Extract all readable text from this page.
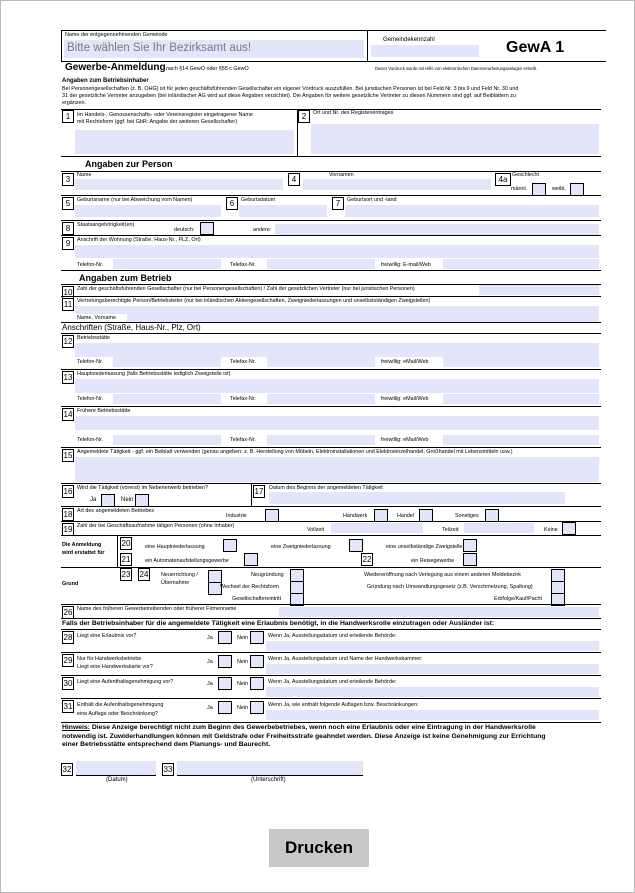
Name der entgegennehmenden Gemeinde
Bitte wählen Sie Ihr Bezirksamt aus!
Gemeindekennzahl	GewA 1
Gewerbe-Anmeldung nach §14 GewO oder §55 c GewO	Dieser Vordruck wurde mit Hilfe von elektronischen Datenverarbeitungsanlagen erstellt.
Angaben zum Betriebsinhaber
Bei Personengesellschaften (z. B. OHG) ist für jeden geschäftsführenden Gesellschafter ein eigener Vordruck auszufüllen. Bei juristischen Personen ist bei Feld Nr. 3 bis 9 und Feld Nr. 30 und
31 der gesetzliche Vertreter anzugeben (bei inländischer AG wird auf diese Angaben verzichtet). Die Angaben für weitere gesetzliche Vertreter zu diesen Nummern sind ggf. auf Beiblättern zu
ergänzen.
1	Im Handels-, Genossenschafts- oder Vereinsregister eingetragener Name
mit Rechtsform (ggf. bei GbR: Angabe der weiteren Gesellschafter)
2	Ort und Nr. des Registereintrages
Angaben zur Person
3	Name	4	Vornamen	4a Geschlecht
männl.	weibl.
5	Geburtsname (nur bei Abweichung vom Namen)	6	Geburtsdatum	7	Geburtsort und -land
8	Staatsangehörigkeit(en)
deutsch:	andere:
9	Anschrift der Wohnung (Straße, Haus-Nr., PLZ, Ort)
Telefon-Nr.	Telefax-Nr.	freiwillig: E-mail/Web
Angaben zum Betrieb
10 Zahl der geschäftsführenden Gesellschafter (nur bei Personengesellschaften) / Zahl der gesetzlichen Vertreter (nur bei juristischen Personen)
11 Vertretungsberechtigte Person/Betriebsleiter (nur bei inländischen Aktiengesellschaften, Zweigniederlassungen und unselbstständigen Zweigstellen)
Name, Vorname
Anschriften (Straße, Haus-Nr., Plz, Ort)
12 Betriebsstätte
Telefon-Nr.	Telefax-Nr.	freiwillig: eMail/Web
13 Hauptniederlassung (falls Betriebsstätte lediglich Zweigstelle ist)
Telefon-Nr.	Telefax-Nr.	freiwillig: eMail/Web
14 Frühere Betriebsstätte
Telefon-Nr.	Telefax-Nr.	freiwillig: eMail/Web
15 Angemeldete Tätigkeit - ggf. ein Beiblatt verwenden (genau angeben: z. B. Herstellung von Möbeln, Elektroinstallationen und Elektroeinzelhandel, Großhandel mit Lebensmitteln usw.)
16 Wird die Tätigkeit (vorerst) im Nebenerwerb betrieben?
Ja	Nein
17 Datum des Beginns der angemeldeten Tätigkeit
18 Art des angemeldeten Betriebes
Industrie	Handwerk	Handel	Sonstiges
19 Zahl der bei Geschäftsaufnahme tätigen Personen (ohne Inhaber)
Vollzeit	Teilzeit	Keine
Die Anmeldung
wird erstattet für
20	eine Hauptniederlassung	eine Zweigniederlassung	eine unselbständige Zweigstelle
21	ein Automatenaufstellungsgewerbe	22	ein Reisegewerbe
Grund
23 24 Neuerrichtung /
Übernahme
Neugründung
Wechsel der Rechtsform
Gesellschaftereintritt
Wiedereröffnung nach Verlegung aus einem anderen Meldebezirk
Gründung nach Umwandlungsgesetz (z.B. Verschmelzung, Spaltung)
Erbfolge/Kauf/Pacht
26 Name des früheren Gewerbetreibenden oder früherer Firmenname
Falls der Betriebsinhaber für die angemeldete Tätigkeit eine Erlaubnis benötigt, in die Handwerksrolle einzutragen oder Ausländer ist:
28 Liegt eine Erlaubnis vor?	Ja	Nein	Wenn Ja, Ausstellungsdatum und erteilende Behörde:
29 Nur für Handwerksbetriebe
Liegt eine Handwerkskarte vor?
Ja	Nein	Wenn Ja, Ausstellungsdatum und Name der Handwerkskammer:
30 Liegt eine Aufenthaltsgenehmigung vor?	Ja	Nein	Wenn Ja, Ausstellungsdatum und erteilende Behörde:
31 Enthält die Aufenthaltsgenehmigung
eine Auflage oder Beschränkung?
Ja	Nein	Wenn Ja, wie enthält folgende Auflagen bzw. Beschränkungen:
Hinweis: Diese Anzeige berechtigt nicht zum Beginn des Gewerbebetriebes, wenn noch eine Erlaubnis oder eine Eintragung in der Handwerksrolle
notwendig ist. Zuwiderhandlungen können mit Geldstrafe oder Freiheitsstrafe geahndet werden. Diese Anzeige ist keine Genehmigung zur Errichtung
einer Betriebsstätte entsprechend dem Planungs- und Baurecht.
32
(Datum)
33
(Unterschrift)
Drucken
